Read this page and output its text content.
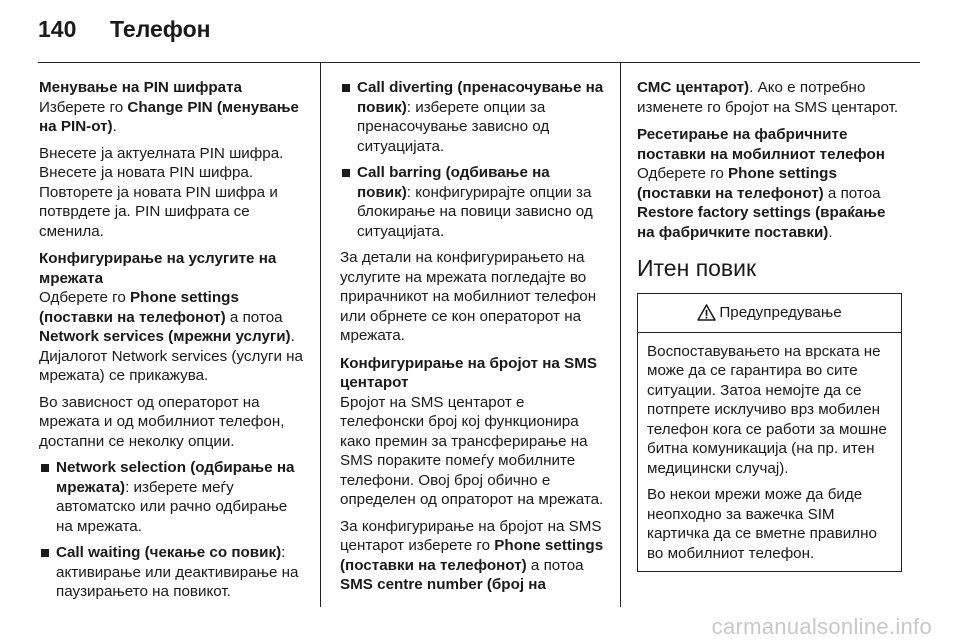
140 Телефон
Менување на PIN шифрата

Изберете го Change PIN (менување на PIN-от).

Внесете ја актуелната PIN шифра. Внесете ја новата PIN шифра. Повторете ја новата PIN шифра и потврдете ја. PIN шифрата се сменила.

Конфигурирање на услугите на мрежата

Одберете го Phone settings (поставки на телефонот) а потоа Network services (мрежни услуги). Дијалогот Network services (услуги на мрежата) се прикажува.

Во зависност од операторот на мрежата и од мобилниот телефон, достапни се неколку опции.

Network selection (одбирање на мрежата): изберете меѓу автоматско или рачно одбирање на мрежата.
Call waiting (чекање со повик): активирање или деактивирање на паузирањето на повикот.
Call diverting (пренасочување на повик): изберете опции за пренасочување зависно од ситуацијата.
Call barring (одбивање на повик): конфигурирајте опции за блокирање на повици зависно од ситуацијата.

За детали на конфигурирањето на услугите на мрежата погледајте во прирачникот на мобилниот телефон или обрнете се кон операторот на мрежата.

Конфигурирање на бројот на SMS центарот

Бројот на SMS центарот е телефонски број кој функционира како премин за трансферирање на SMS пораките помеѓу мобилните телефони. Овој број обично е определен од опраторот на мрежата.

За конфигурирање на бројот на SMS центарот изберете го Phone settings (поставки на телефонот) а потоа SMS centre number (број на

СМС центарот). Ако е потребно изменете го бројот на SMS центарот.

Ресетирање на фабричните поставки на мобилниот телефон

Одберете го Phone settings (поставки на телефонот) а потоа Restore factory settings (враќање на фабричките поставки).

Итен повик
Предупредување

Воспоставувањето на врската не може да се гарантира во сите ситуации. Затоа немојте да се потпрете исклучиво врз мобилен телефон кога се работи за мошне битна комуникација (на пр. итен медицински случај).

Во некои мрежи може да биде неопходно за важечка SIM картичка да се вметне правилно во мобилниот телефон.

carmanualsonline.info
